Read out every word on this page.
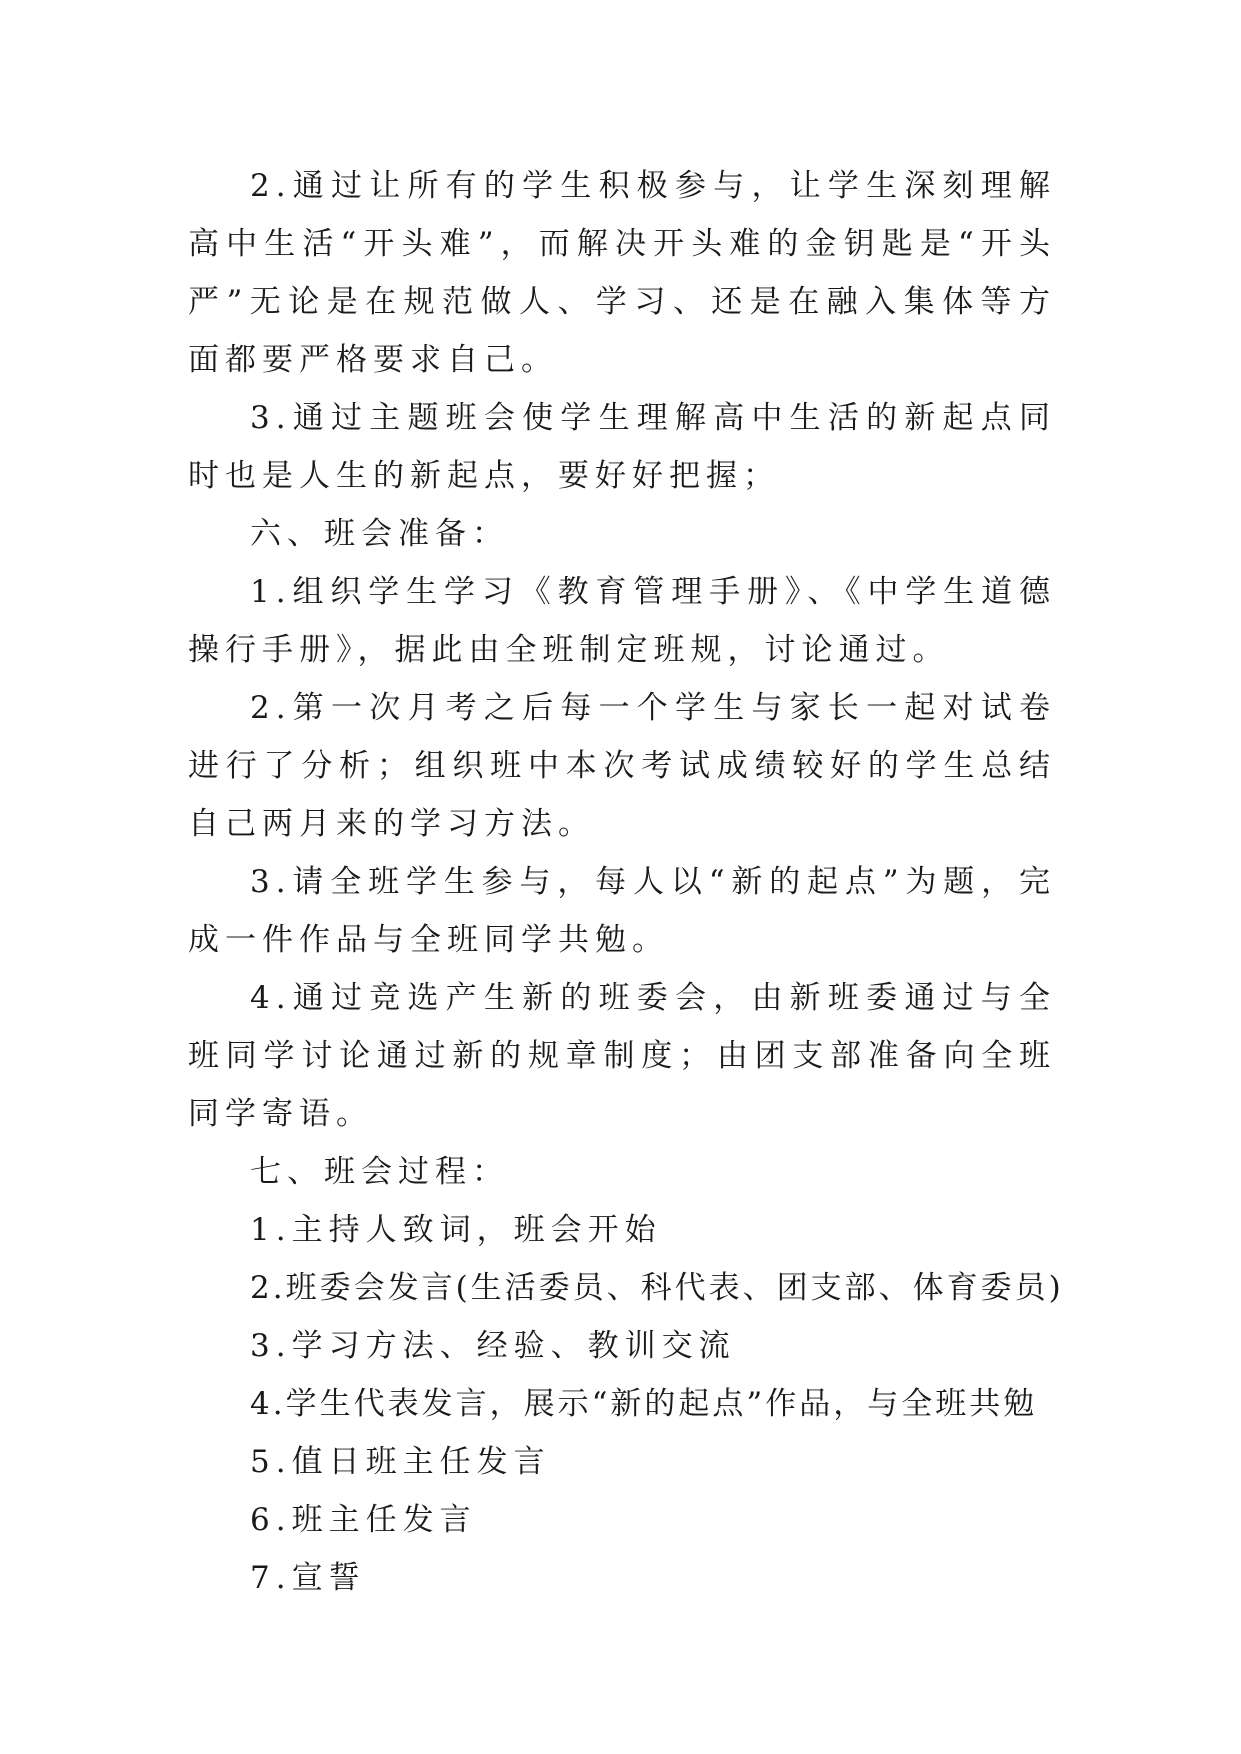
2.通过让所有的学生积极参与，让学生深刻理解高中生活“开头难”，而解决开头难的金钥匙是“开头严”无论是在规范做人、学习、还是在融入集体等方面都要严格要求自己。

3.通过主题班会使学生理解高中生活的新起点同时也是人生的新起点，要好好把握；

六、班会准备：

1.组织学生学习《教育管理手册》、《中学生道德操行手册》，据此由全班制定班规，讨论通过。

2.第一次月考之后每一个学生与家长一起对试卷进行了分析；组织班中本次考试成绩较好的学生总结自己两月来的学习方法。

3.请全班学生参与，每人以“新的起点”为题，完成一件作品与全班同学共勉。

4.通过竞选产生新的班委会，由新班委通过与全班同学讨论通过新的规章制度；由团支部准备向全班同学寄语。

七、班会过程：

1.主持人致词，班会开始

2.班委会发言(生活委员、科代表、团支部、体育委员)

3.学习方法、经验、教训交流

4.学生代表发言，展示“新的起点”作品，与全班共勉

5.值日班主任发言

6.班主任发言

7.宣誓
